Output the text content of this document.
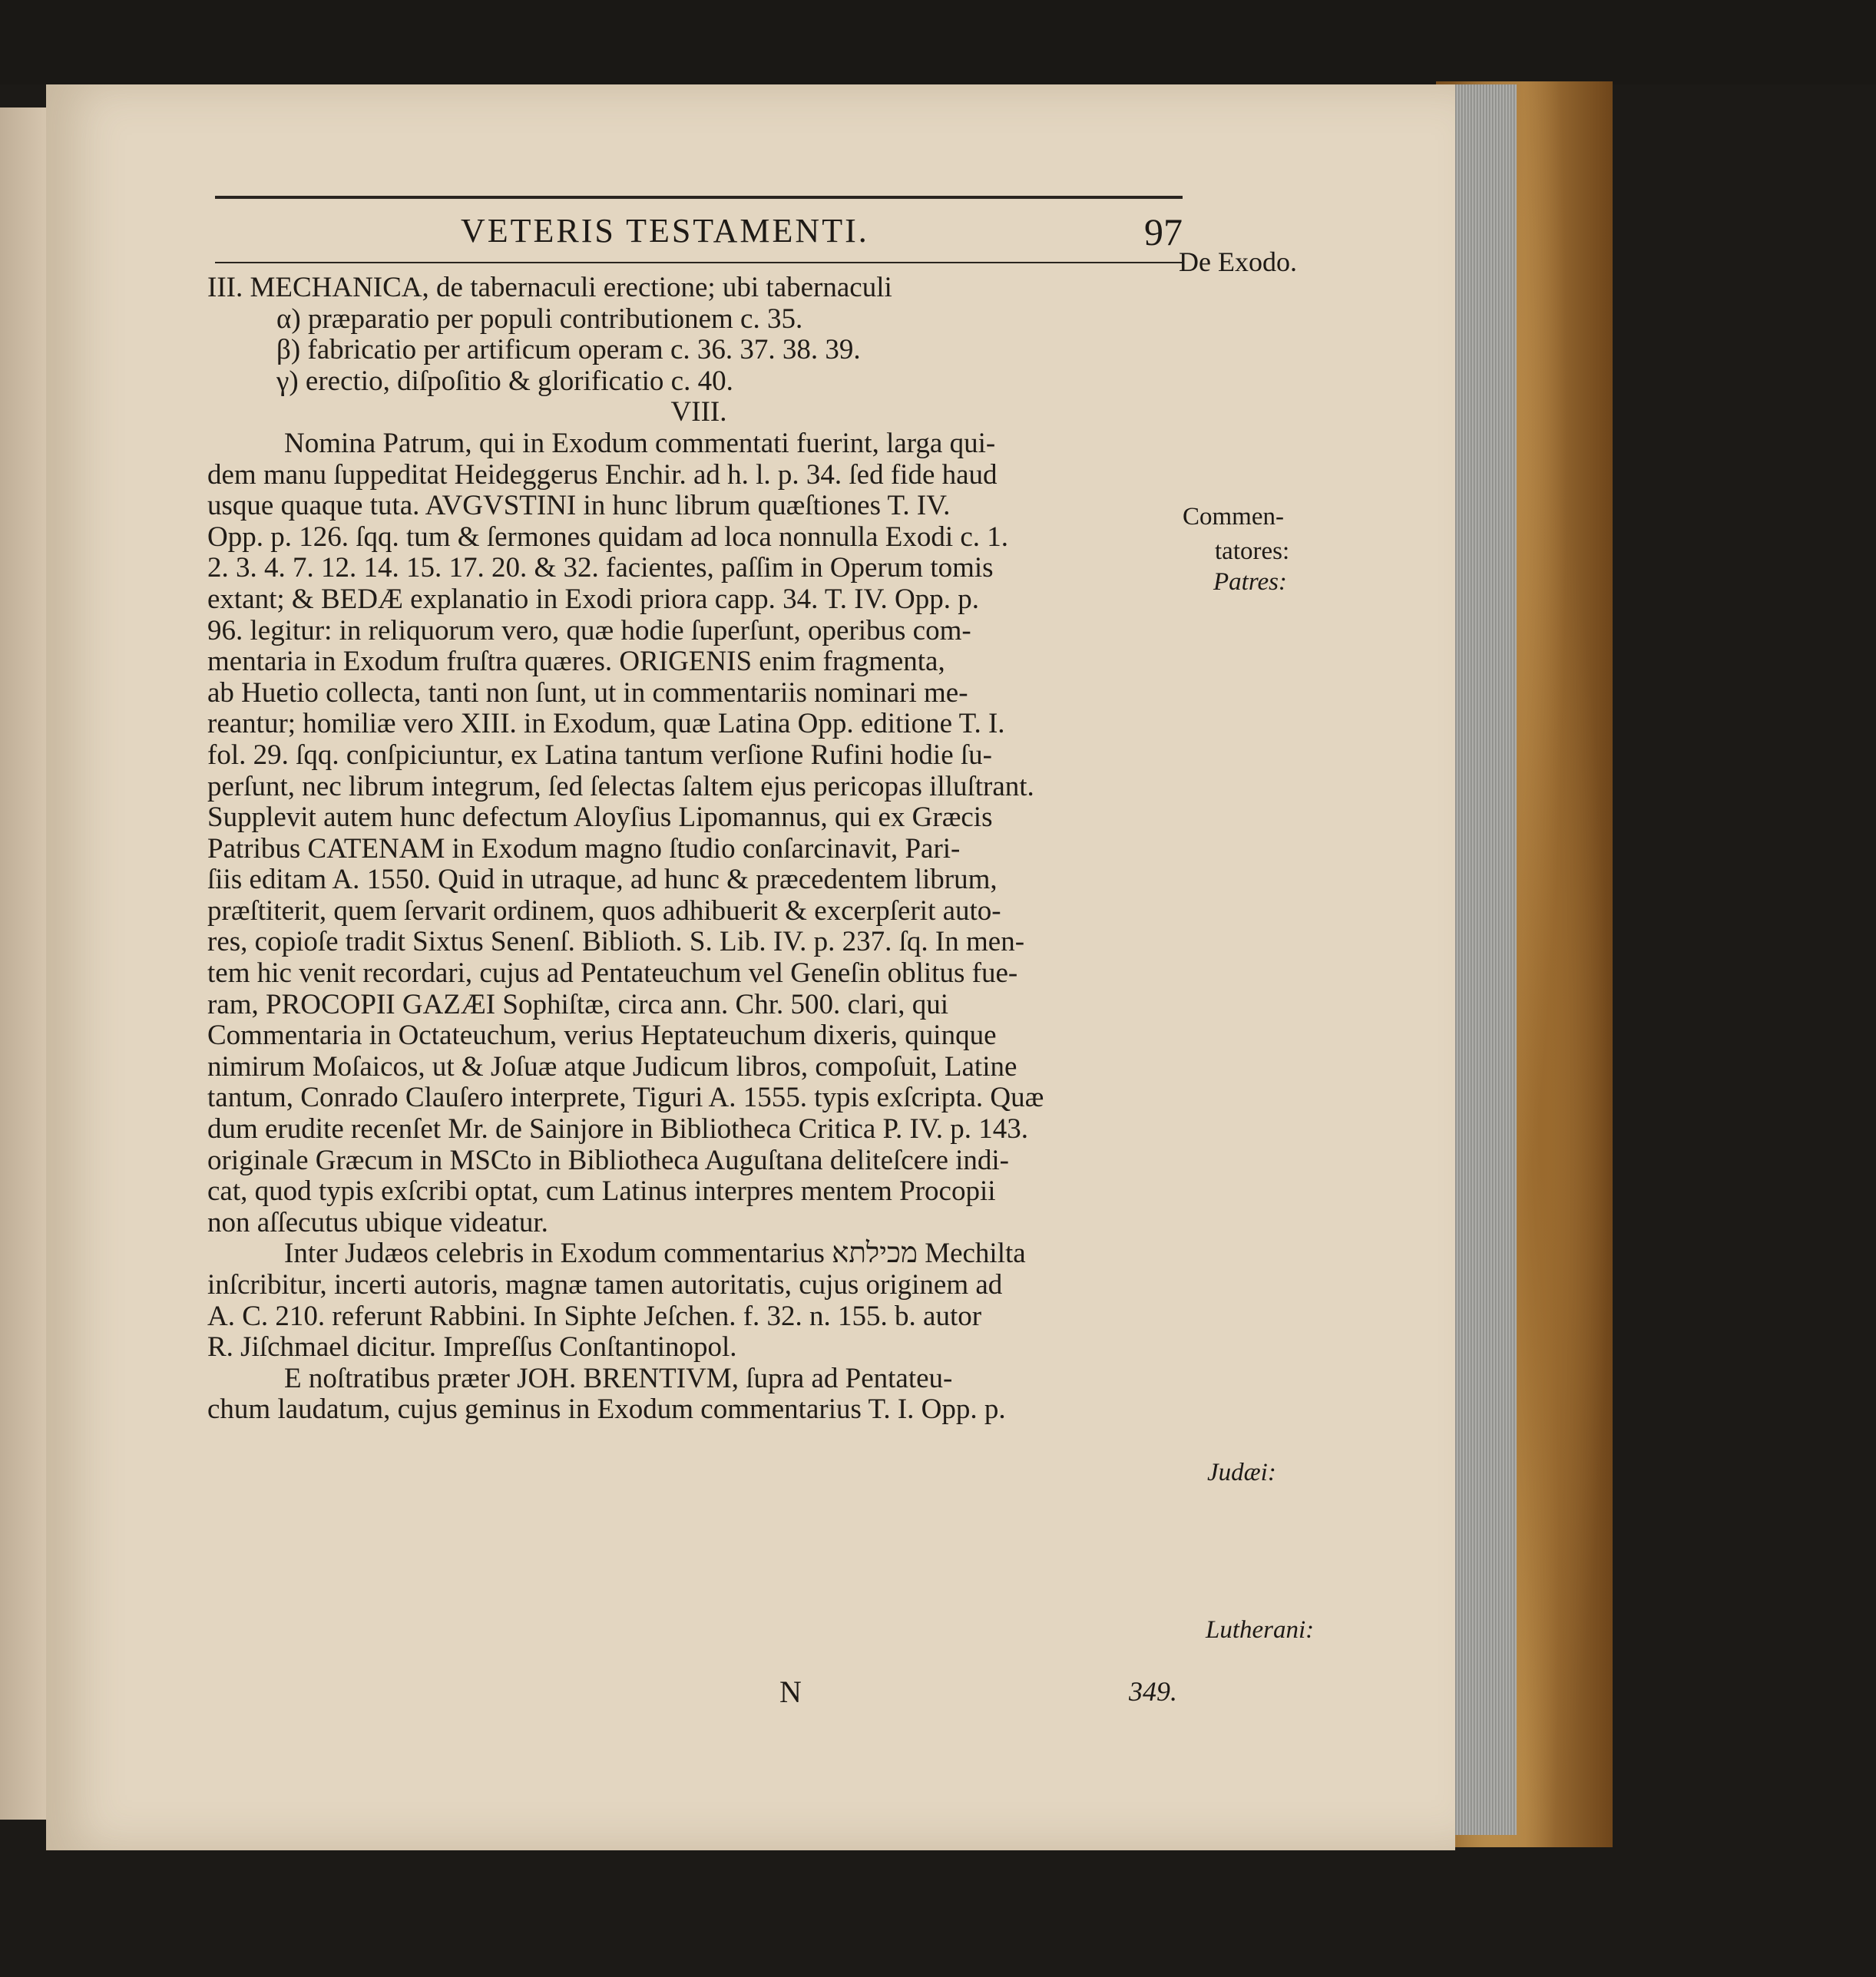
VETERIS TESTAMENTI.	97
De Exodo.
Commen-
tatores:
Patres:
Judæi:
Lutherani:
III. MECHANICA, de tabernaculi erectione; ubi tabernaculi
α) præparatio per populi contributionem c. 35.
β) fabricatio per artificum operam c. 36. 37. 38. 39.
γ) erectio, diſpoſitio & glorificatio c. 40.
VIII.
Nomina Patrum, qui in Exodum commentati fuerint, larga qui-
dem manu ſuppeditat Heideggerus Enchir. ad h. l. p. 34. ſed fide haud
usque quaque tuta. AVGVSTINI in hunc librum quæſtiones T. IV.
Opp. p. 126. ſqq. tum & ſermones quidam ad loca nonnulla Exodi c. 1.
2. 3. 4. 7. 12. 14. 15. 17. 20. & 32. facientes, paſſim in Operum tomis
extant; & BEDÆ explanatio in Exodi priora capp. 34. T. IV. Opp. p.
96. legitur: in reliquorum vero, quæ hodie ſuperſunt, operibus com-
mentaria in Exodum fruſtra quæres. ORIGENIS enim fragmenta,
ab Huetio collecta, tanti non ſunt, ut in commentariis nominari me-
reantur; homiliæ vero XIII. in Exodum, quæ Latina Opp. editione T. I.
fol. 29. ſqq. conſpiciuntur, ex Latina tantum verſione Rufini hodie ſu-
perſunt, nec librum integrum, ſed ſelectas ſaltem ejus pericopas illuſtrant.
Supplevit autem hunc defectum Aloyſius Lipomannus, qui ex Græcis
Patribus CATENAM in Exodum magno ſtudio conſarcinavit, Pari-
ſiis editam A. 1550. Quid in utraque, ad hunc & præcedentem librum,
præſtiterit, quem ſervarit ordinem, quos adhibuerit & excerpſerit auto-
res, copioſe tradit Sixtus Senenſ. Biblioth. S. Lib. IV. p. 237. ſq. In men-
tem hic venit recordari, cujus ad Pentateuchum vel Geneſin oblitus fue-
ram, PROCOPII GAZÆI Sophiſtæ, circa ann. Chr. 500. clari, qui
Commentaria in Octateuchum, verius Heptateuchum dixeris, quinque
nimirum Moſaicos, ut & Joſuæ atque Judicum libros, compoſuit, Latine
tantum, Conrado Clauſero interprete, Tiguri A. 1555. typis exſcripta. Quæ
dum erudite recenſet Mr. de Sainjore in Bibliotheca Critica P. IV. p. 143.
originale Græcum in MSCto in Bibliotheca Auguſtana deliteſcere indi-
cat, quod typis exſcribi optat, cum Latinus interpres mentem Procopii
non aſſecutus ubique videatur.
Inter Judæos celebris in Exodum commentarius מכילתא Mechilta
inſcribitur, incerti autoris, magnæ tamen autoritatis, cujus originem ad
A. C. 210. referunt Rabbini. In Siphte Jeſchen. f. 32. n. 155. b. autor
R. Jiſchmael dicitur. Impreſſus Conſtantinopol.
E noſtratibus præter JOH. BRENTIVM, ſupra ad Pentateu-
chum laudatum, cujus geminus in Exodum commentarius T. I. Opp. p.
N	349.
